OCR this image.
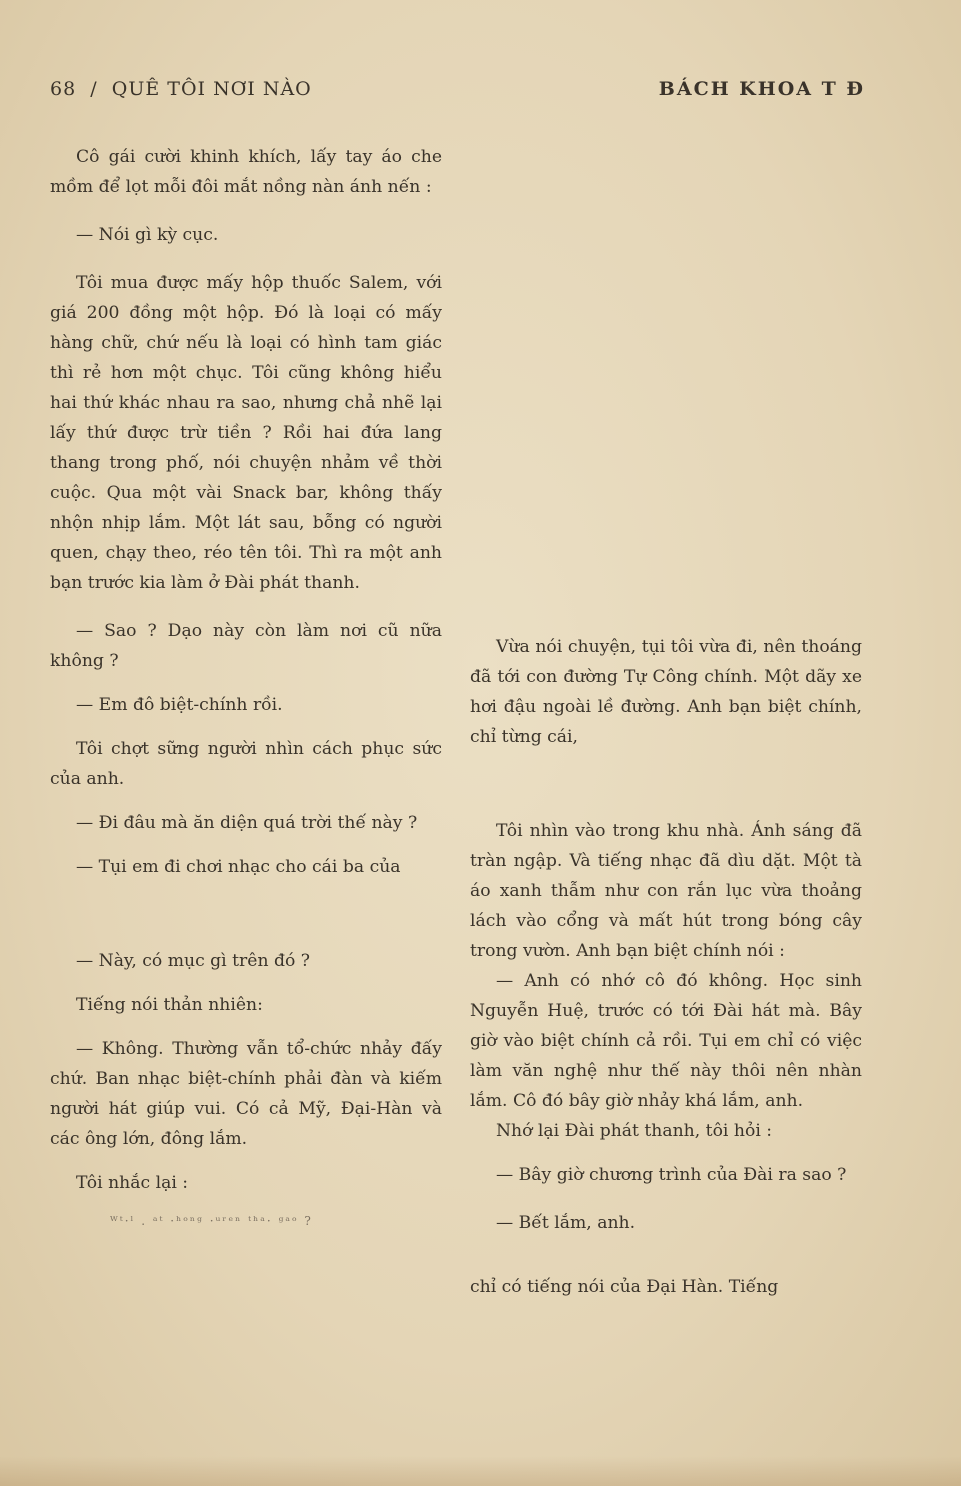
68 / QUÊ TÔI NƠI NÀO	BÁCH KHOA T Đ

Cô gái cười khinh khích, lấy tay áo che mồm để lọt mỗi đôi mắt nồng nàn ánh nến :

— Nói gì kỳ cục.

Tôi mua được mấy hộp thuốc Salem, với giá 200 đồng một hộp. Đó là loại có mấy hàng chữ, chứ nếu là loại có hình tam giác thì rẻ hơn một chục. Tôi cũng không hiểu hai thứ khác nhau ra sao, nhưng chả nhẽ lại lấy thứ được trừ tiền ? Rồi hai đứa lang thang trong phố, nói chuyện nhảm về thời cuộc. Qua một vài Snack bar, không thấy nhộn nhịp lắm. Một lát sau, bỗng có người quen, chạy theo, réo tên tôi. Thì ra một anh bạn trước kia làm ở Đài phát thanh.

— Sao ? Dạo này còn làm nơi cũ nữa không ?

— Em đô biệt-chính rồi.

Tôi chợt sững người nhìn cách phục sức của anh.

— Đi đâu mà ăn diện quá trời thế này ?

— Tụi em đi chơi nhạc cho cái ba của

— Này, có mục gì trên đó ?

Tiếng nói thản nhiên:

— Không. Thường vẫn tổ-chức nhảy đấy chứ. Ban nhạc biệt-chính phải đàn và kiếm người hát giúp vui. Có cả Mỹ, Đại-Hàn và các ông lớn, đông lắm.

Tôi nhắc lại :

ᵂᵗ·ˡ . ᵃᵗ ·ʰᵒⁿᵍ ·ᵘʳᵉⁿ ᵗʰᵃ· ᵍᵃᵒ ?

Vừa nói chuyện, tụi tôi vừa đi, nên thoáng đã tới con đường Tự Công chính. Một dãy xe hơi đậu ngoài lề đường. Anh bạn biệt chính, chỉ từng cái,

Tôi nhìn vào trong khu nhà. Ánh sáng đã tràn ngập. Và tiếng nhạc đã dìu dặt. Một tà áo xanh thẫm như con rắn lục vừa thoảng lách vào cổng và mất hút trong bóng cây trong vườn. Anh bạn biệt chính nói :

— Anh có nhớ cô đó không. Học sinh Nguyễn Huệ, trước có tới Đài hát mà. Bây giờ vào biệt chính cả rồi. Tụi em chỉ có việc làm văn nghệ như thế này thôi nên nhàn lắm. Cô đó bây giờ nhảy khá lắm, anh.

Nhớ lại Đài phát thanh, tôi hỏi :

— Bây giờ chương trình của Đài ra sao ?

— Bết lắm, anh.

chỉ có tiếng nói của Đại Hàn. Tiếng
